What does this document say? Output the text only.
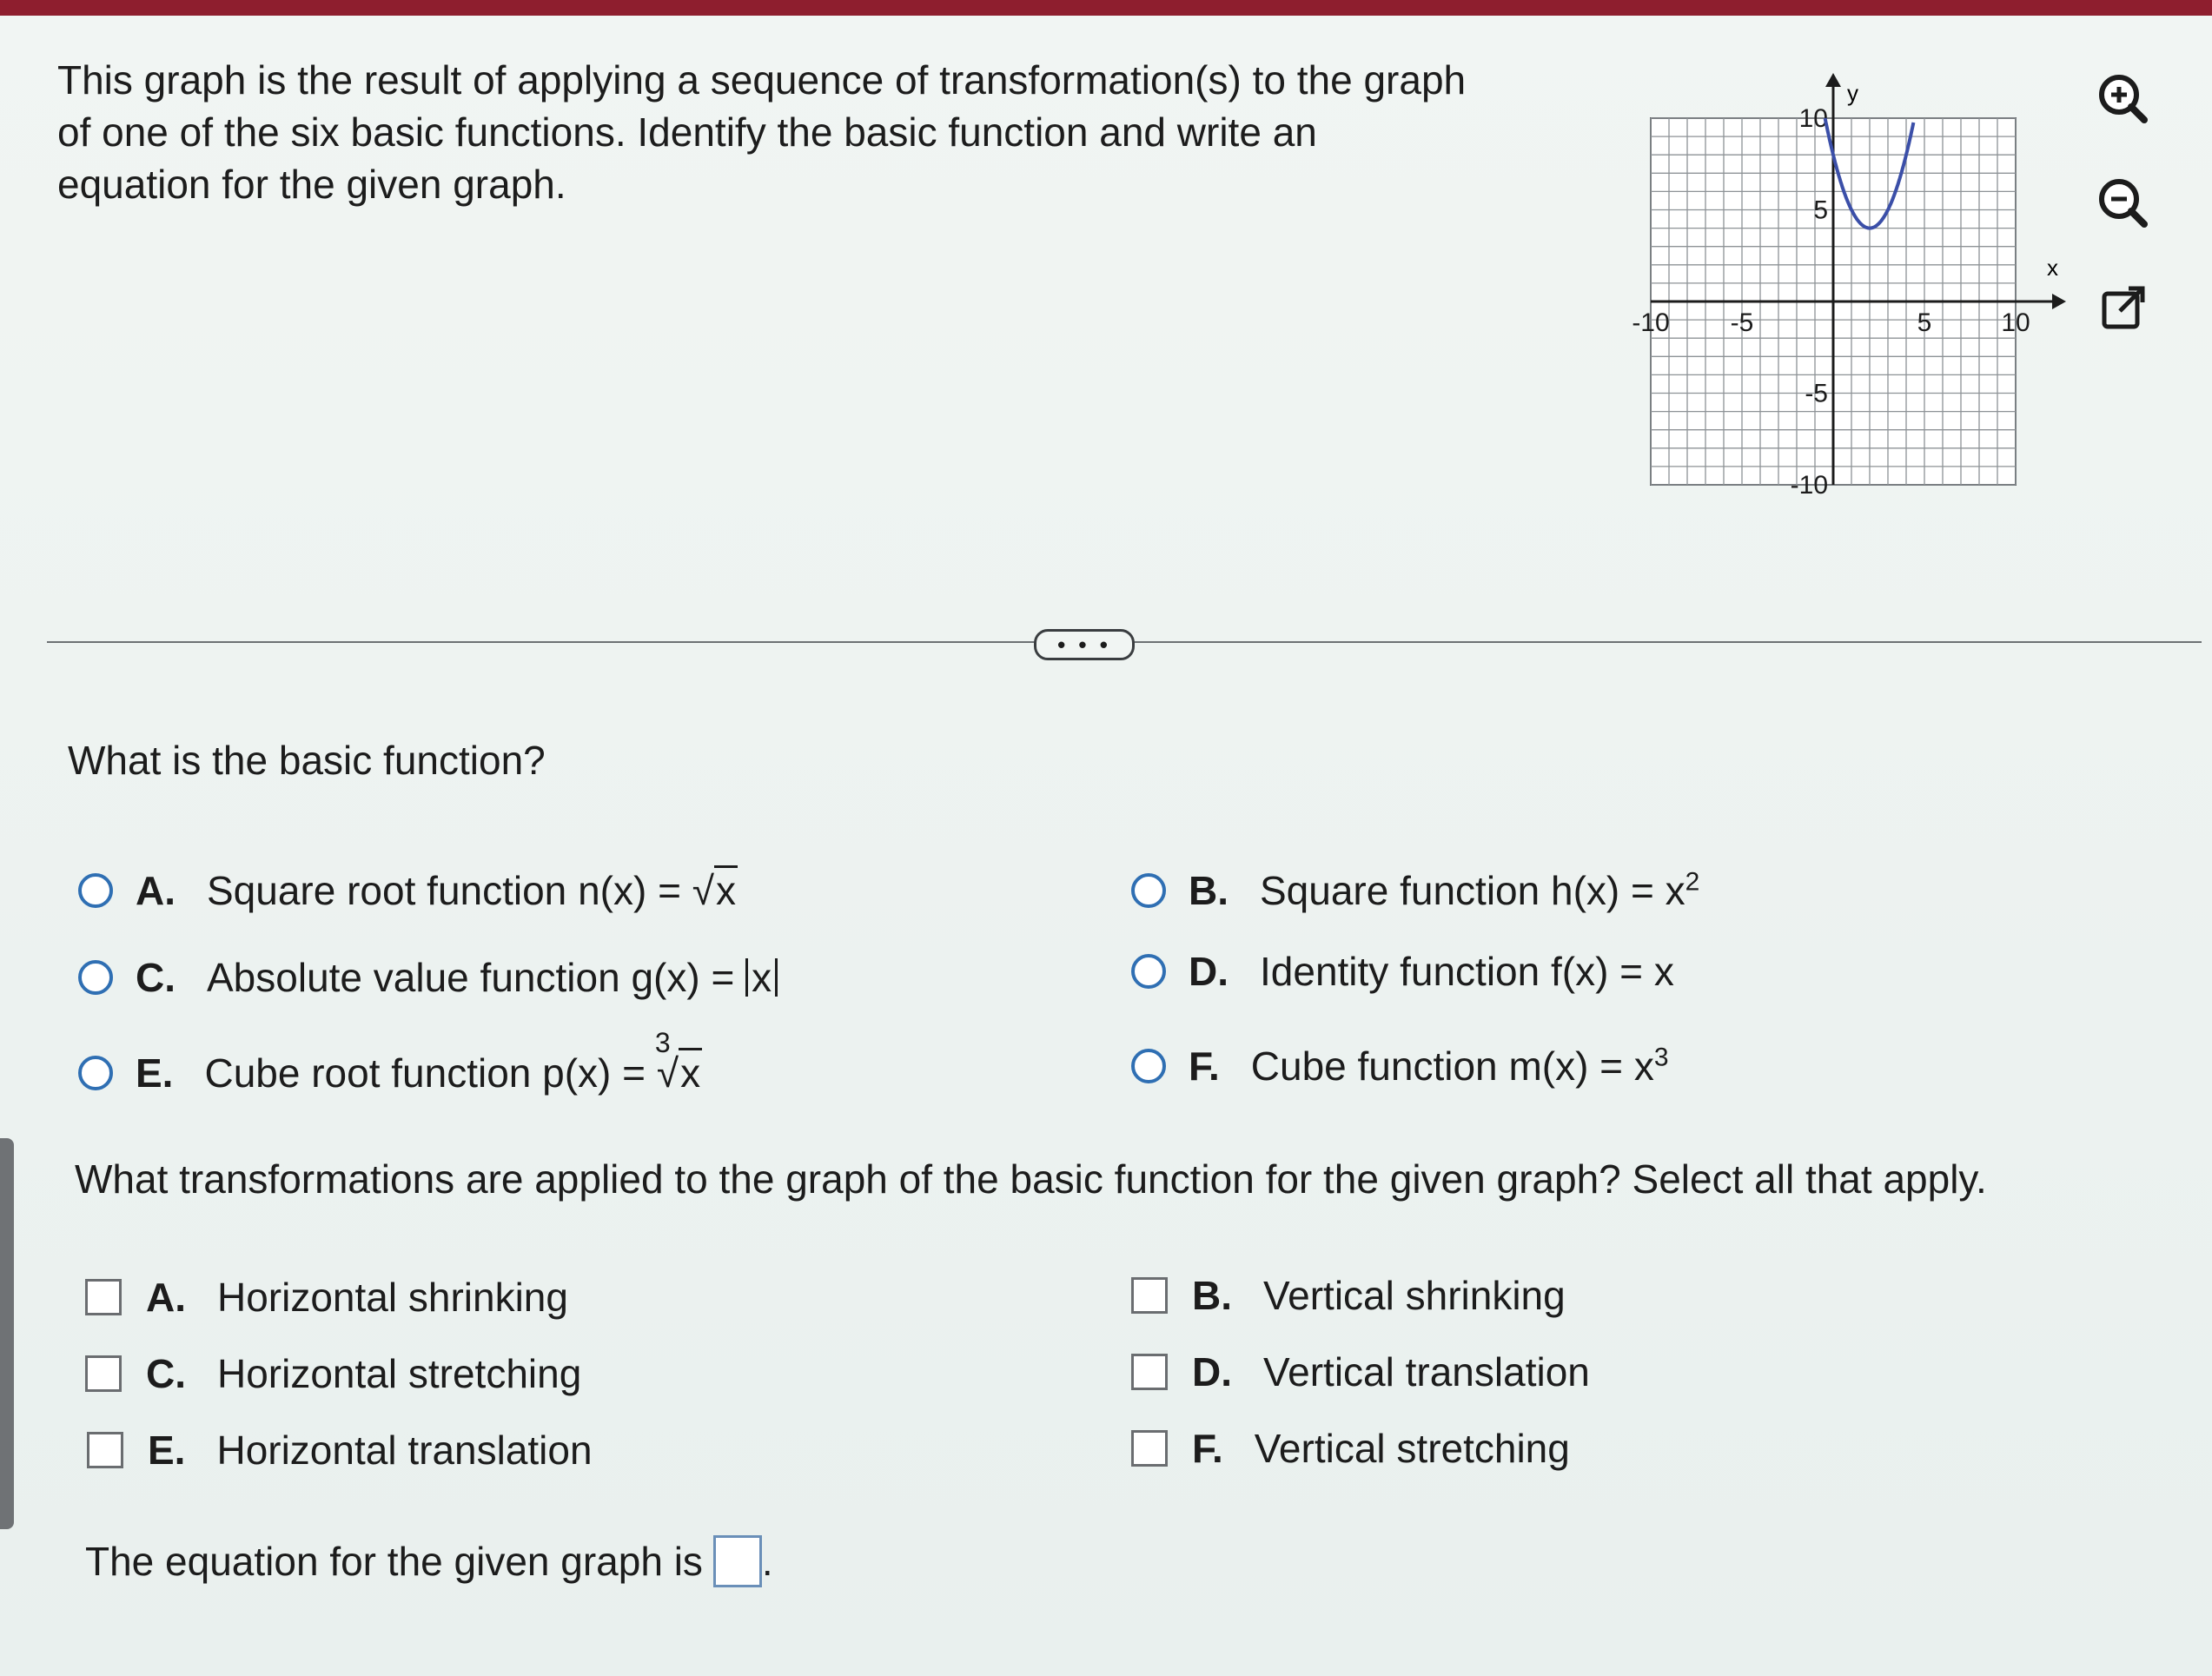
This graph is the result of applying a sequence of transformation(s) to the graph
of one of the six basic functions. Identify the basic function and write an
equation for the given graph.
-10 -5	5	10
10
5
-5
-10
x
y
• • •

What is the basic function?

A. Square root function n(x) = √x	B. Square function $h(x) = x^2$
C. Absolute value function g(x) = x	D. Identity function f(x) = x
E. Cube root function p(x) =
3
√x	F. Cube function $m(x) = x^3$

What transformations are applied to the graph of the basic function for the given graph? Select all that apply.

A. Horizontal shrinking	B. Vertical shrinking
C. Horizontal stretching	D. Vertical translation
E. Horizontal translation	F. Vertical stretching
The equation for the given graph is .
